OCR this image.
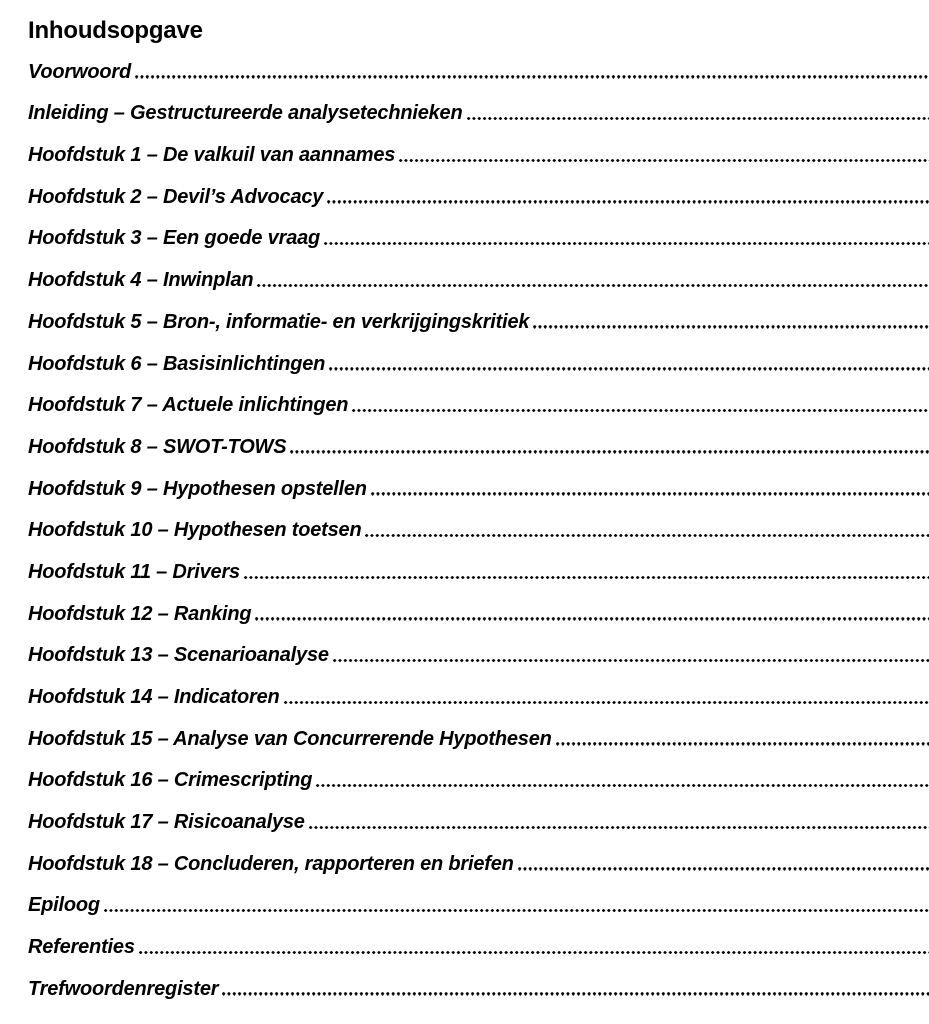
Inhoudsopgave
Voorwoord
Inleiding – Gestructureerde analysetechnieken
Hoofdstuk 1 – De valkuil van aannames
Hoofdstuk 2 – Devil’s Advocacy
Hoofdstuk 3 – Een goede vraag
Hoofdstuk 4 – Inwinplan
Hoofdstuk 5 – Bron-, informatie- en verkrijgingskritiek
Hoofdstuk 6 – Basisinlichtingen
Hoofdstuk 7 – Actuele inlichtingen
Hoofdstuk 8 – SWOT-TOWS
Hoofdstuk 9 – Hypothesen opstellen
Hoofdstuk 10 – Hypothesen toetsen
Hoofdstuk 11 – Drivers
Hoofdstuk 12 – Ranking
Hoofdstuk 13 – Scenarioanalyse
Hoofdstuk 14 – Indicatoren
Hoofdstuk 15 – Analyse van Concurrerende Hypothesen
Hoofdstuk 16 – Crimescripting
Hoofdstuk 17 – Risicoanalyse
Hoofdstuk 18 – Concluderen, rapporteren en briefen
Epiloog
Referenties
Trefwoordenregister
